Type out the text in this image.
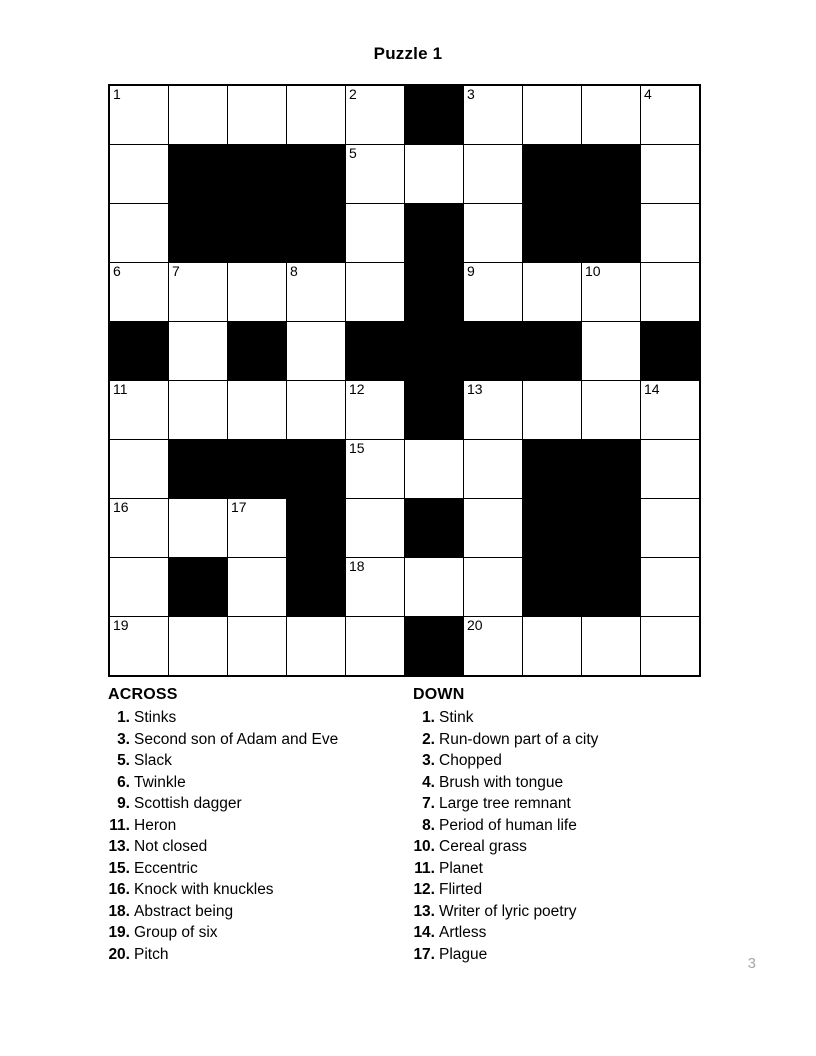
Puzzle 1
1				2		3			4

				5					

6	7		8			9		10	

11				12		13			14

				15					

16		17							

				18					

19						20			

ACROSS
1. Stinks
3. Second son of Adam and Eve
5. Slack
6. Twinkle
9. Scottish dagger
11. Heron
13. Not closed
15. Eccentric
16. Knock with knuckles
18. Abstract being
19. Group of six
20. Pitch
DOWN
1. Stink
2. Run-down part of a city
3. Chopped
4. Brush with tongue
7. Large tree remnant
8. Period of human life
10. Cereal grass
11. Planet
12. Flirted
13. Writer of lyric poetry
14. Artless
17. Plague
3
